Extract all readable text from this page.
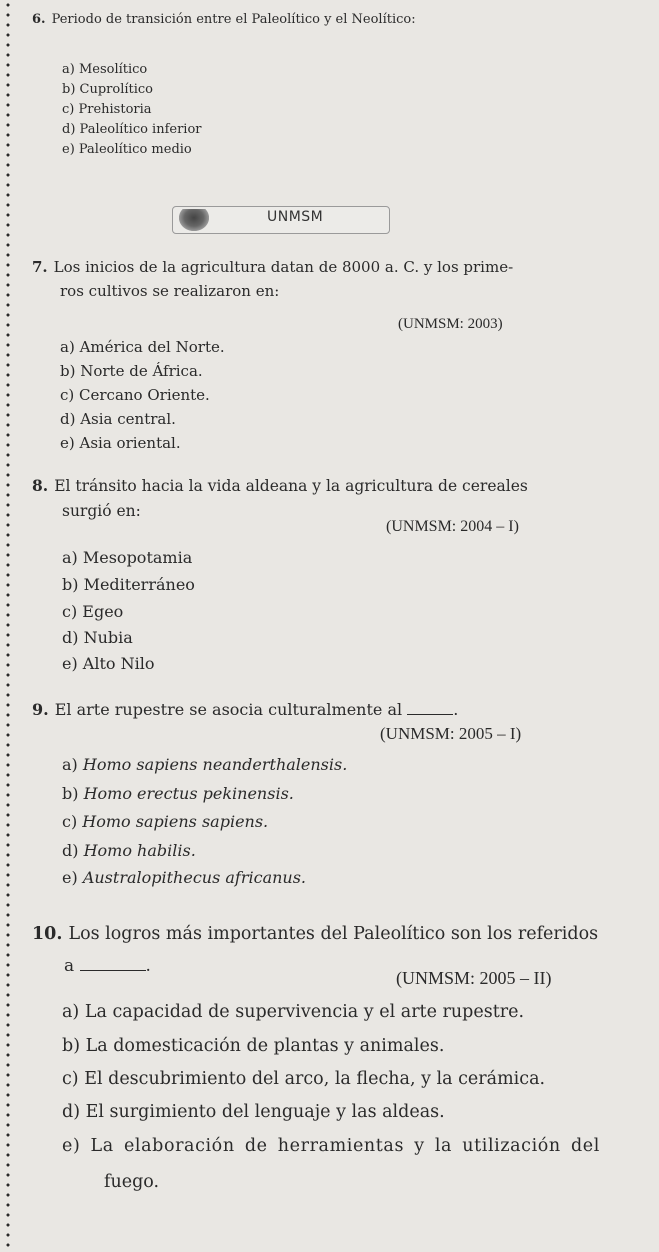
6. Periodo de transición entre el Paleolítico y el Neolítico:
a) Mesolítico
b) Cuprolítico
c) Prehistoria
d) Paleolítico inferior
e) Paleolítico medio
UNMSM
7. Los inicios de la agricultura datan de 8000 a. C. y los prime-
ros cultivos se realizaron en:
(UNMSM: 2003)
a) América del Norte.
b) Norte de África.
c) Cercano Oriente.
d) Asia central.
e) Asia oriental.
8. El tránsito hacia la vida aldeana y la agricultura de cereales
surgió en:
(UNMSM: 2004 – I)
a) Mesopotamia
b) Mediterráneo
c) Egeo
d) Nubia
e) Alto Nilo
9. El arte rupestre se asocia culturalmente al	.
(UNMSM: 2005 – I)
a) Homo sapiens neanderthalensis.
b) Homo erectus pekinensis.
c) Homo sapiens sapiens.
d) Homo habilis.
e) Australopithecus africanus.
10. Los logros más importantes del Paleolítico son los referidos
a	.
(UNMSM: 2005 – II)
a) La capacidad de supervivencia y el arte rupestre.
b) La domesticación de plantas y animales.
c) El descubrimiento del arco, la flecha, y la cerámica.
d) El surgimiento del lenguaje y las aldeas.
e) La elaboración de herramientas y la utilización del
fuego.
